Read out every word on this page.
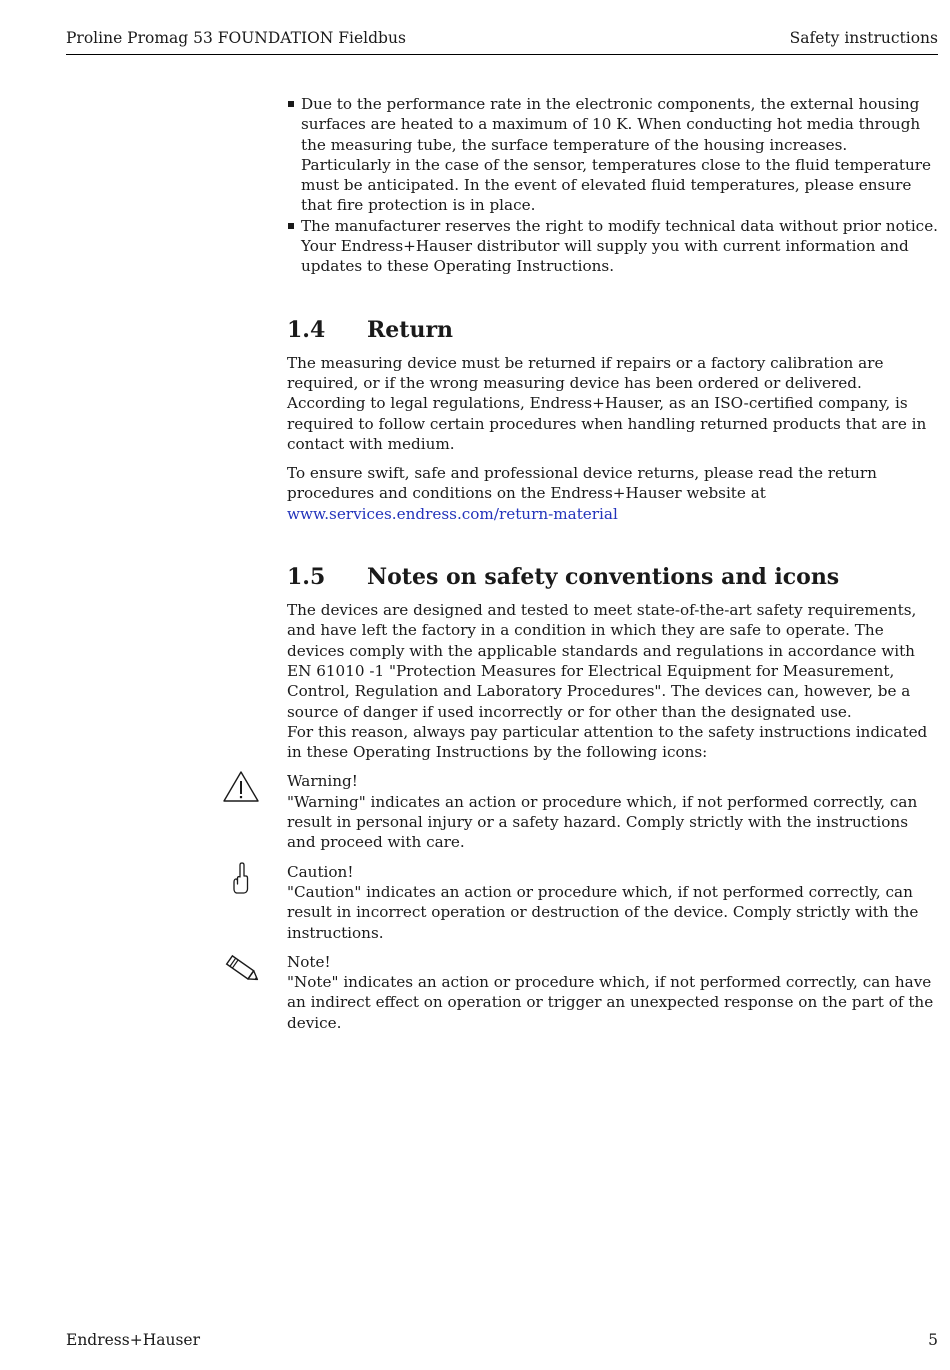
Proline Promag 53 FOUNDATION Fieldbus	Safety instructions
Due to the performance rate in the electronic components, the external housing surfaces are heated to a maximum of 10 K. When conducting hot media through the measuring tube, the surface temperature of the housing increases. Particularly in the case of the sensor, temperatures close to the fluid temperature must be anticipated. In the event of elevated fluid temperatures, please ensure that fire protection is in place.
The manufacturer reserves the right to modify technical data without prior notice. Your Endress+Hauser distributor will supply you with current information and updates to these Operating Instructions.
1.4 Return

The measuring device must be returned if repairs or a factory calibration are required, or if the wrong measuring device has been ordered or delivered. According to legal regulations, Endress+Hauser, as an ISO-certified company, is required to follow certain procedures when handling returned products that are in contact with medium.

To ensure swift, safe and professional device returns, please read the return procedures and conditions on the Endress+Hauser website at www.services.endress.com/return-material

1.5 Notes on safety conventions and icons

The devices are designed and tested to meet state-of-the-art safety requirements, and have left the factory in a condition in which they are safe to operate. The devices comply with the applicable standards and regulations in accordance with EN 61010 -1 "Protection Measures for Electrical Equipment for Measurement, Control, Regulation and Laboratory Procedures". The devices can, however, be a source of danger if used incorrectly or for other than the designated use.

For this reason, always pay particular attention to the safety instructions indicated in these Operating Instructions by the following icons:

Warning!

"Warning" indicates an action or procedure which, if not performed correctly, can result in personal injury or a safety hazard. Comply strictly with the instructions and proceed with care.

Caution!

"Caution" indicates an action or procedure which, if not performed correctly, can result in incorrect operation or destruction of the device. Comply strictly with the instructions.

Note!

"Note" indicates an action or procedure which, if not performed correctly, can have an indirect effect on operation or trigger an unexpected response on the part of the device.

Endress+Hauser	5
